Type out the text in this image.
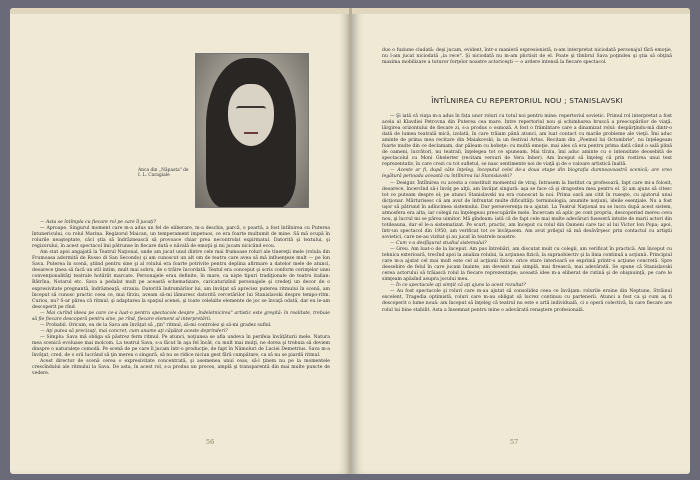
Anca din „Năpasta" de I. L. Caragiale

— Asta se întîmpla cu fiecare rol pe care îl jucați?

— Aproape. Singurul moment care m-a adus un fel de eliberare, m-a deschis, parcă, o poartă, a fost întîlnirea cu Puterea întunericului, cu rolul Marina. Regizorul Maican, un temperament impetuos, ce era foarte mulțumit de mine. Să mă ocupă în rolurile neaşteptate, căci ştia să îndrăznească să provoace chiar prea necontrolat expirmatul. Datorită şi textului, şi regizorului, în acest spectacol îmi pătrunse în fiecare dată o năvală de emoţii şi mi jucam nicicând ecou.

Am stat apoi angajată la Teatrul Naţional, unde am jucat unul dintre cele mai frumoase roluri ale tinereţii mele (rolula din Frumoasa adormită de Rosso di San Secondo) şi am cunoscut un alt om de teatru care avea să mă influenţeze mult — pe Ion Sava. Puterea în scenă, ştiind pentru sine şi al rolului era foarte potrivite pentru deplina afirmare a datelor mele de atunci, deoarece ţinea să facă un stil intim, mult mai sobru, de o trăire încordată. Textul era conceput şi scris conform cerinţelor unei convenţionalităţi teatrale hotărât marcate. Personajele erau definite, în mare, ca nişte tipuri tradiţionale de teatru italian: Bătrîna, Notarul etc. Sava a pedalat mult pe această schematizare, caricaturizînd personajele şi credeţi un decor de o expresivitate pregnantă, îndrăzneaţă, strania. Datorită îndrumărilor lui, am învăţat să apreciez puterea ritmului în scenă, am început să cunosc practic ceea ce, mai tîrziu, aveam să-mi lămuresc datorită cercetărilor lui Stanislavski despre tempo-ritm. Curios, nu? S-ar părea că ritmul, şi adaptarea la spaţiul scenei, şi toate celelalte elemente de joc se învaţă odată, dar eu le-am descoperit pe rînd.

— Mai curînd ideea pe care ce-a luat-o pentru spectacole despre „îndeletnicirea" artistic este greşită: în realitate, trebuie să fie fiecare descoperă pentru sine, pe rînd, fiecare element al interpretării.

— Probabil. Oricum, eu de la Sava am învăţat să „ţin" ritmul, să-mi controlez şi să-mi gradez suflul.

— Aţi putea să precizaţi, mai concret, cum anume aţi căpătat aceste deprinderi?

— Simplu: Sava mă obliga să păstrez ferm ritmul. Pe atunci, noţiunea se afla undeva în perifeia învățăturii mele. Natura mea scenică evoluase mai molcom. La teatrul Sava, s-a făcut în aşa fel încât, cu mult mai mulţi, ne dorea şi trebuia să deviem dinspre o naturaleţe comodă. Pe scenă de pe care îl jucam într-o producţie, de fapt în Nămoluri de Luciei Demetrius. Sava m-a învăţat, cred, de o oră lucrând să ţin mereu o singură, să nu se ridice niciun gest fără cumpătare, ca să nu se piardă ritmul.

Acest director de scenă cerea o expresivitate concentrată, şi asemenea unui ceas, să-l ţinem nu pe la momentele crescîndului ale ritmului la Sava. De asta, în acest rol, s-a produs un proces, amplă şi transparentă din mai multe puncte de vedere.

56

duo o fuziune ciudată: deşi jucam, evident, într-o manieră expresionistă, n-am interpretat niciodată personajul fără emoţie, nu l-am jucat niciodată „la rece". Şi niciodată nu m-am plictisit de el. Poate şi tîmbrul Sava poţindeu şi ştia să obţină maxima mobilizare a tuturor forţelor noastre actoriceşti — o ardere intensă la fiecare spectacol.

ÎNTÎLNIREA CU REPERTORIUL NOU ; STANISLAVSKI

— Şi iată că viaţa m-a adus în fața unor roluri cu totul noi pentru mine: repertoriul sovietic. Primul rol interpretat a fost acela al Klavdiei Petrovna din Puterea cea mare. Intre repertoriul nou şi schimbarea bruscă a preocupărilor de viaţă, lărgirea orizontului de fiecare zi, s-a produs o osmoză. A fost o frămîntare care a dinamizat rolul: despărţindu-mă dintr-o dată de lumea teatrală mică, izolată, în care trăiam până atunci, am luat contact cu marile probleme ale vieţii. Îmi aduc aminte de prima mea recitare din Maiakovski, la un festival Artus. Recitam din „Poemul lui Octombrie", nu înţelegeam foarte multe din ce declamam, dar păleam cu bobeţe: cu multă emoţie, mai ales că era pentru prima dată când o sală plină de oameni, lucrători, nu teatrali, înţelegea tot ce spuneam. Mai tîrziu, îmi aduc aminte cu o intensitate deosebită de spectacolul cu Moni Ghelerter (recitam versuri de Vera Inber). Am început să înţeleg că prin rostirea unui text reprezentativ, în care crezi cu tot sufletul, se nasc sentimente noi de viaţă şi de o valoare artistică înaltă.

— Aceste ar fi, după câte înţeleg, începutul celei de-a doua etape din biografia dumneavoastră scenică; are vreo legătură perioada această cu întîlnirea lui Stanislavski?

— Desigur. Întîlnirea cu acesta a constituit momentul de viraj. Intrasem la Institut ca profesoară, fapt care mi-a folosit, deoarece, încercînd să-i învăţ pe alţii, am învăţat singură: aşa se face că şi dragostea mea pentru el. Şi am ajuns să citesc tot ce puteam despre el; pe atunci Stanislavski nu era cunoscut la noi. Prima oară am citit în ruseşte, cu ajutorul unui dicţionar. Mărturisesc că am avut de înfruntat multe dificultăţi: terminologia, anumite noţiuni, ideile esenţiale. Nu a fost uşor să pătrund în adîncimea sistemului. Dar perseverenţa m-a ajutat. La Teatrul Naţional nu se lucra după acest sistem, atmosfera era alta, iar colegii nu înţelegeau preocupările mele. Încercam să aplic pe cont propriu, descoperind mereu ceva nou, şi lucrul mi se părea uimitor. Mă gîndeam: iată că de fapt cele mai multe adevăruri fuseseră intuite de marii actori din totdeauna, dar el le-a sistematizat. Pe scurt, practic, am început cu rolul din Oameni care tac al lui Victor Ion Popa; apoi, într-un spectacol din 1950, am verificat tot ce învăţasem. Am avut prilejul să mă desăvîrşesc prin contactul cu artiştii sovietici, care ne-au vizitat şi au jucat în teatrele noastre.

— Cum v-a desfăşurat studiul sistemului?

— Greu. Am luat-o de la început. Am pus întrebări, am discutat mult cu colegii, am verificat în practică. Am început cu tehnica exterioară, trecînd apoi la analiza rolului, la acţiunea fizică, la supraobiectiv şi la linia continuă a acţiunii. Principiul care m-a ajutat cel mai mult este cel al acţiunii fizice: orice stare interioară se exprimă printr-o acţiune concretă. Spre deosebire de felul în care jucam înainte, am devenit mai simplă, mai firească, mai adevărată. Se spune că Stanislavski cerea actorului să trăiască rolul la fiecare reprezentaţie; această idee m-a eliberat de rutină şi de obişnuinţă, pe care le simţeam apăsînd asupra jocului meu.

— În ce spectacole aţi simţit că aţi ajuns la acest rezultat?

— Au fost spectacole şi roluri care m-au ajutat să consolidez ceea ce învăţam: rolurile eroine din Neptune, Străinul excelent, Tragedia optimistă, roluri care m-au obligat să lucrez continuu cu partenerii. Atunci a fost ca şi cum aş fi descoperit o lume nouă: am început să înţeleg că teatrul nu este o artă individuală, ci o operă colectivă, în care fiecare are rolul lui bine stabilit. Asta a însemnat pentru mine o adevărată renaştere profesională.

57
